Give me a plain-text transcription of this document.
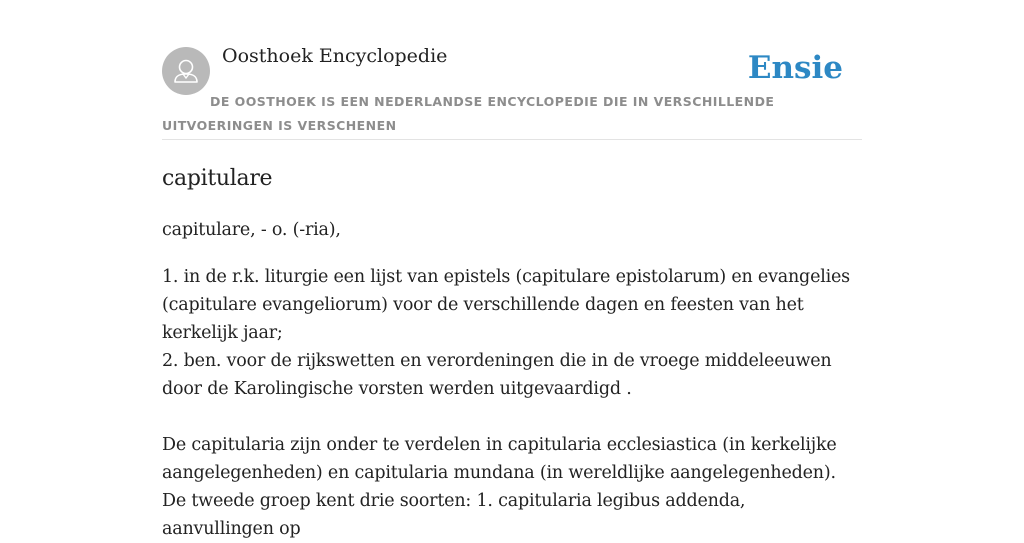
Oosthoek Encyclopedie	Ensie

DE OOSTHOEK IS EEN NEDERLANDSE ENCYCLOPEDIE DIE IN VERSCHILLENDE UITVOERINGEN IS VERSCHENEN

capitulare
capitulare, - o. (-ria),
1. in de r.k. liturgie een lijst van epistels (capitulare epistolarum) en evangelies (capitulare evangeliorum) voor de verschillende dagen en feesten van het kerkelijk jaar;
2. ben. voor de rijkswetten en verordeningen die in de vroege middeleeuwen door de Karolingische vorsten werden uitgevaardigd .
De capitularia zijn onder te verdelen in capitularia ecclesiastica (in kerkelijke aangelegenheden) en capitularia mundana (in wereldlijke aangelegenheden). De tweede groep kent drie soorten: 1. capitularia legibus addenda, aanvullingen op
